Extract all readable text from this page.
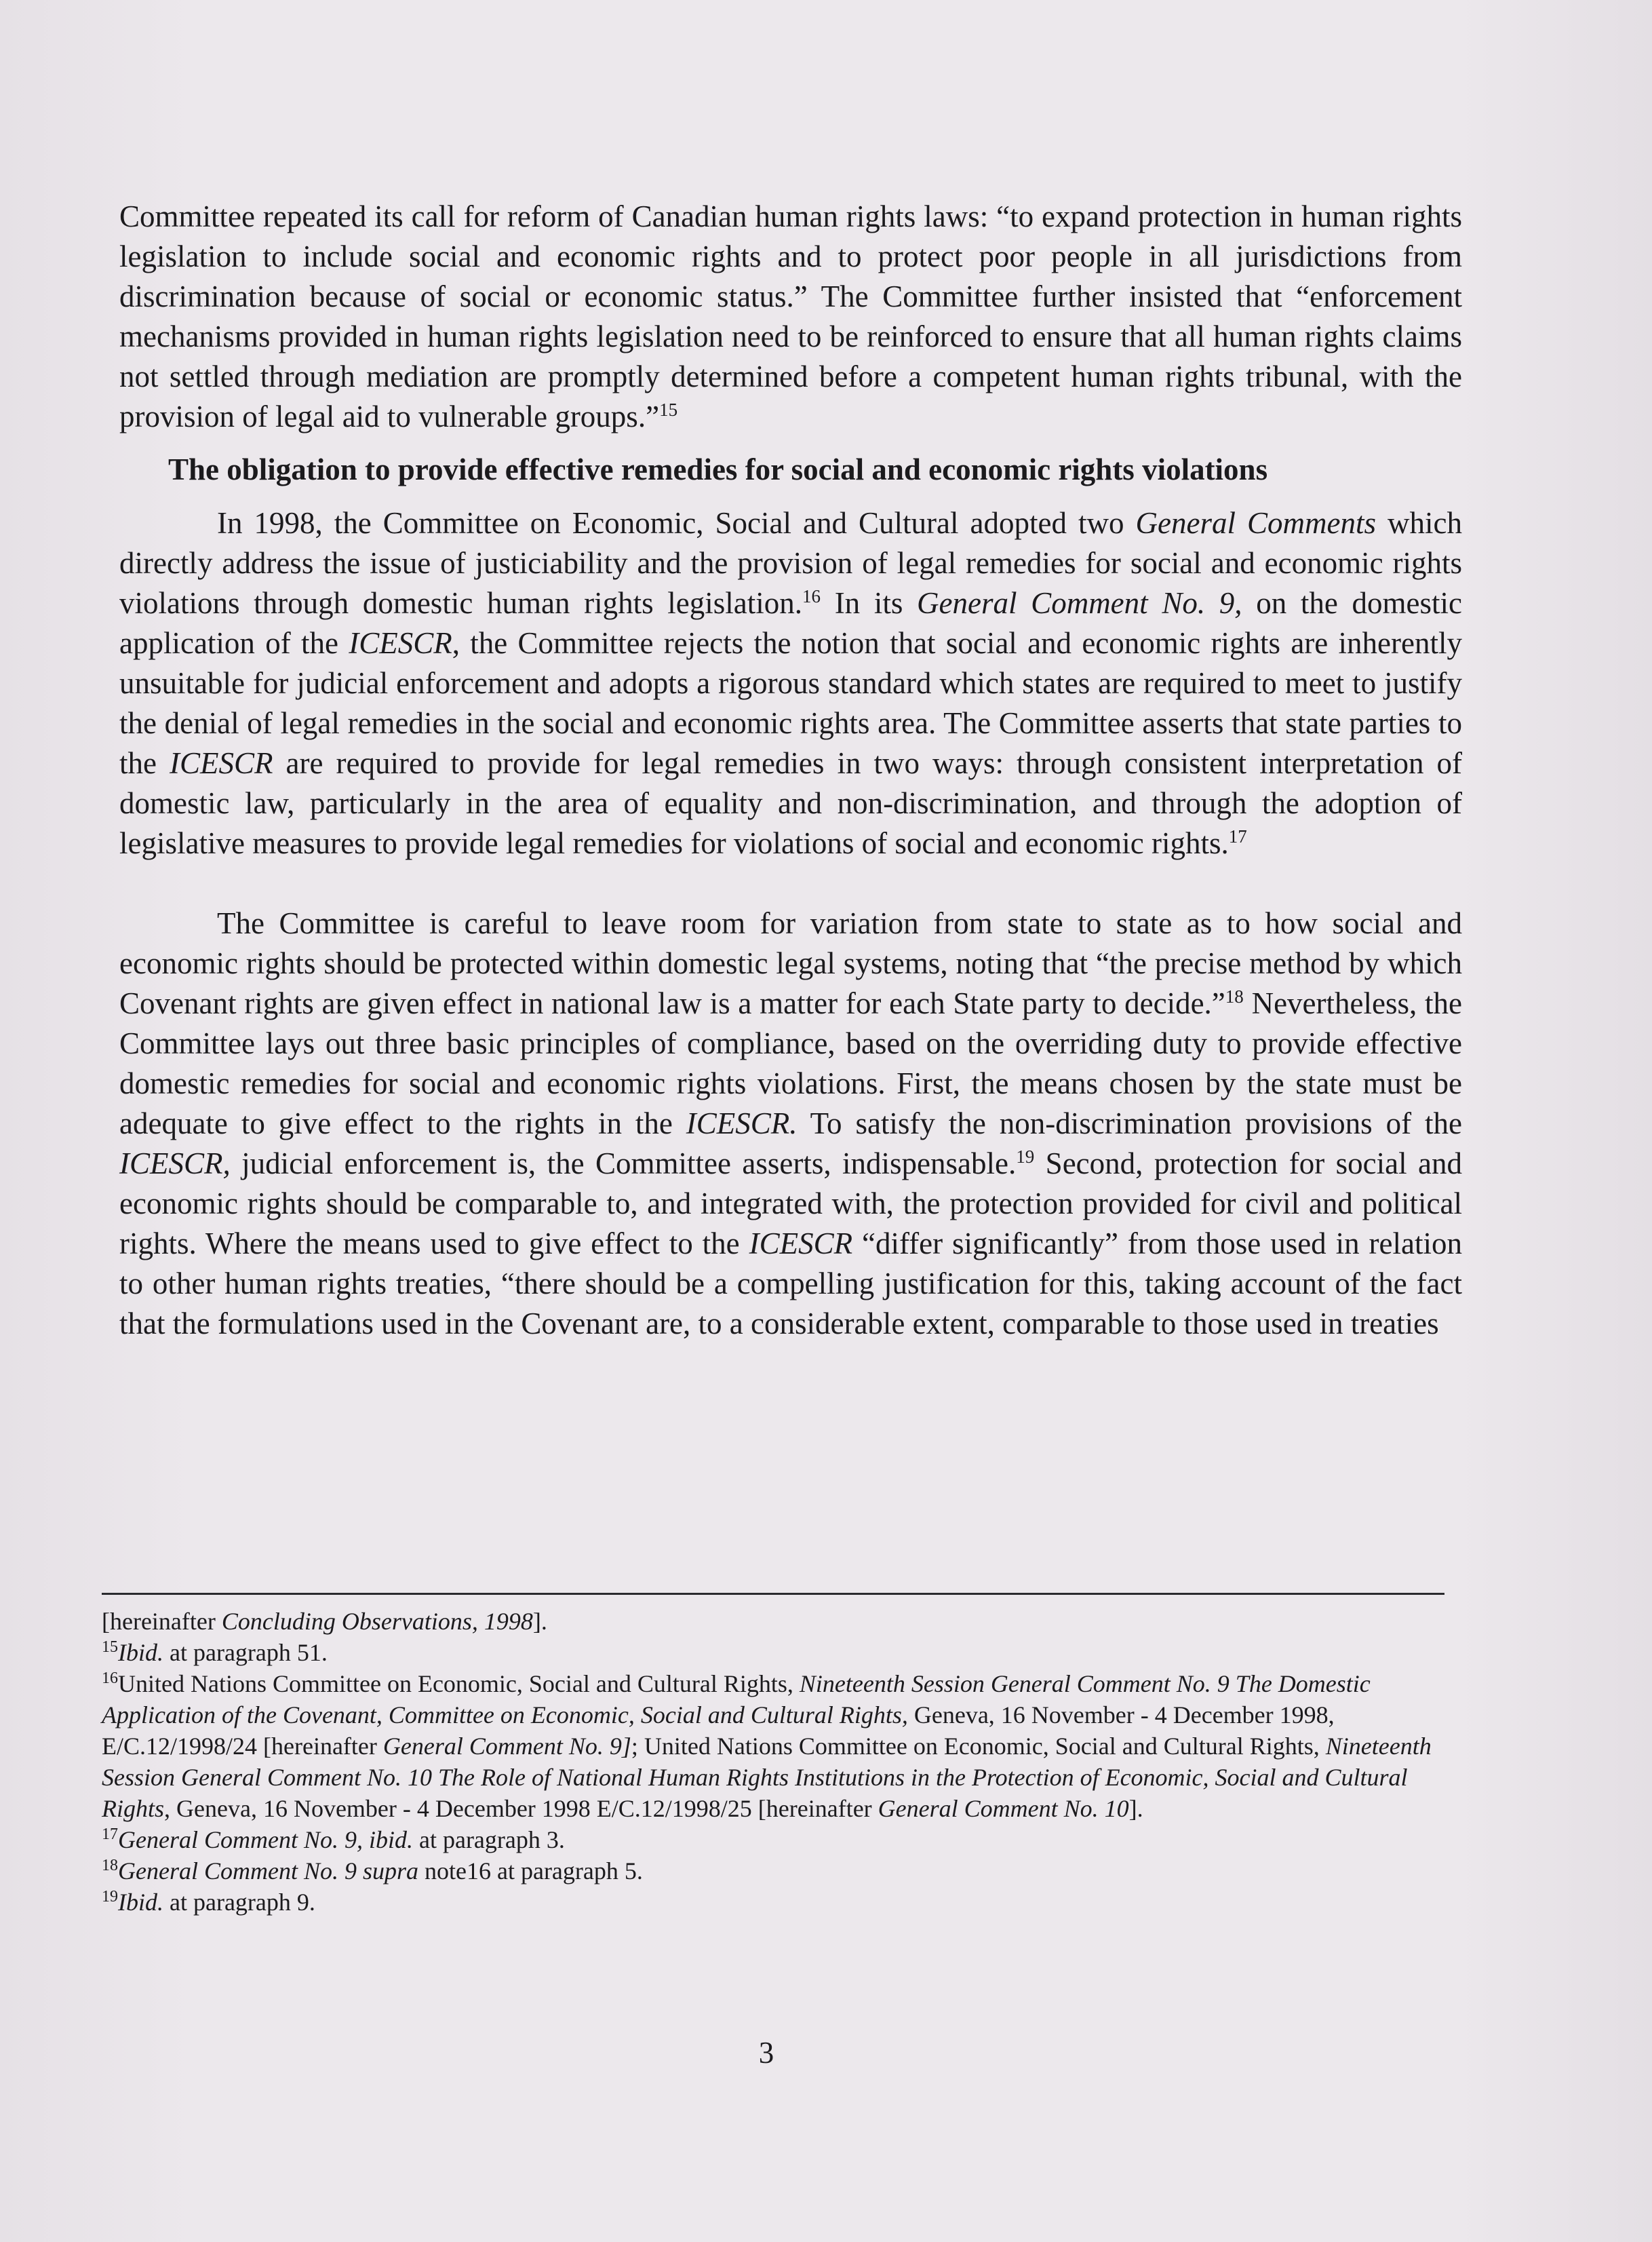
Committee repeated its call for reform of Canadian human rights laws: “to expand protection in human rights legislation to include social and economic rights and to protect poor people in all jurisdictions from discrimination because of social or economic status.” The Committee further insisted that “enforcement mechanisms provided in human rights legislation need to be reinforced to ensure that all human rights claims not settled through mediation are promptly determined before a competent human rights tribunal, with the provision of legal aid to vulnerable groups.”$^{15}$

The obligation to provide effective remedies for social and economic rights violations

In 1998, the Committee on Economic, Social and Cultural adopted two General Comments which directly address the issue of justiciability and the provision of legal remedies for social and economic rights violations through domestic human rights legislation.$^{16}$ In its General Comment No. 9, on the domestic application of the ICESCR, the Committee rejects the notion that social and economic rights are inherently unsuitable for judicial enforcement and adopts a rigorous standard which states are required to meet to justify the denial of legal remedies in the social and economic rights area. The Committee asserts that state parties to the ICESCR are required to provide for legal remedies in two ways: through consistent interpretation of domestic law, particularly in the area of equality and non-discrimination, and through the adoption of legislative measures to provide legal remedies for violations of social and economic rights.$^{17}$

The Committee is careful to leave room for variation from state to state as to how social and economic rights should be protected within domestic legal systems, noting that “the precise method by which Covenant rights are given effect in national law is a matter for each State party to decide.”$^{18}$ Nevertheless, the Committee lays out three basic principles of compliance, based on the overriding duty to provide effective domestic remedies for social and economic rights violations. First, the means chosen by the state must be adequate to give effect to the rights in the ICESCR. To satisfy the non-discrimination provisions of the ICESCR, judicial enforcement is, the Committee asserts, indispensable.$^{19}$ Second, protection for social and economic rights should be comparable to, and integrated with, the protection provided for civil and political rights. Where the means used to give effect to the ICESCR “differ significantly” from those used in relation to other human rights treaties, “there should be a compelling justification for this, taking account of the fact that the formulations used in the Covenant are, to a considerable extent, comparable to those used in treaties

[hereinafter Concluding Observations, 1998].

$^{15}$Ibid. at paragraph 51.

$^{16}$United Nations Committee on Economic, Social and Cultural Rights, Nineteenth Session General Comment No. 9 The Domestic Application of the Covenant, Committee on Economic, Social and Cultural Rights, Geneva, 16 November - 4 December 1998, E/C.12/1998/24 [hereinafter General Comment No. 9]; United Nations Committee on Economic, Social and Cultural Rights, Nineteenth Session General Comment No. 10 The Role of National Human Rights Institutions in the Protection of Economic, Social and Cultural Rights, Geneva, 16 November - 4 December 1998 E/C.12/1998/25 [hereinafter General Comment No. 10].

$^{17}$General Comment No. 9, ibid. at paragraph 3.

$^{18}$General Comment No. 9 supra note16 at paragraph 5.

$^{19}$Ibid. at paragraph 9.

3
